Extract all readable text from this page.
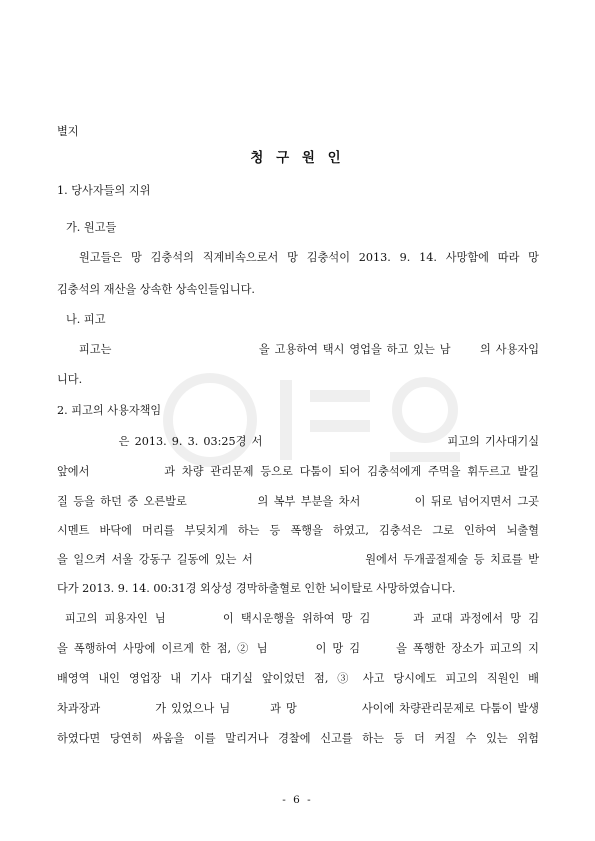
별지
청 구 원 인
1. 당사자들의 지위
가. 원고들
원고들은 망 김충석의 직계비속으로서 망 김충석이 2013. 9. 14. 사망함에 따라 망
김충석의 재산을 상속한 상속인들입니다.
나. 피고
피고는                              을 고용하여 택시 영업을 하고 있는 남      의 사용자입
니다.
2. 피고의 사용자책임
은 2013. 9. 3. 03:25경 서                                    피고의 기사대기실
앞에서           과 차량 관리문제 등으로 다툼이 되어 김충석에게 주먹을 휘두르고 발길
질 등을 하던 중 오른발로             의 복부 부분을 차서          이 뒤로 넘어지면서 그곳
시멘트 바닥에 머리를 부딪치게 하는 등 폭행을 하였고, 김충석은 그로 인하여 뇌출혈
을 일으켜 서울 강동구 길동에 있는 서                    원에서 두개골절제술 등 치료를 받
다가 2013. 9. 14. 00:31경 외상성 경막하출혈로 인한 뇌이탈로 사망하였습니다.
피고의 피용자인 님        이 택시운행을 위하여 망 김      과 교대 과정에서 망 김
을 폭행하여 사망에 이르게 한 점, ② 님        이 망 김      을 폭행한 장소가 피고의 지
배영역 내인 영업장 내 기사 대기실 앞이었던 점, ③ 사고 당시에도 피고의 직원인 배
차과장과           가 있었으나 님        과 망             사이에 차량관리문제로 다툼이 발생
하였다면 당연히 싸움을 이를 말리거나 경찰에 신고를 하는 등 더 커질 수 있는 위험
- 6 -
